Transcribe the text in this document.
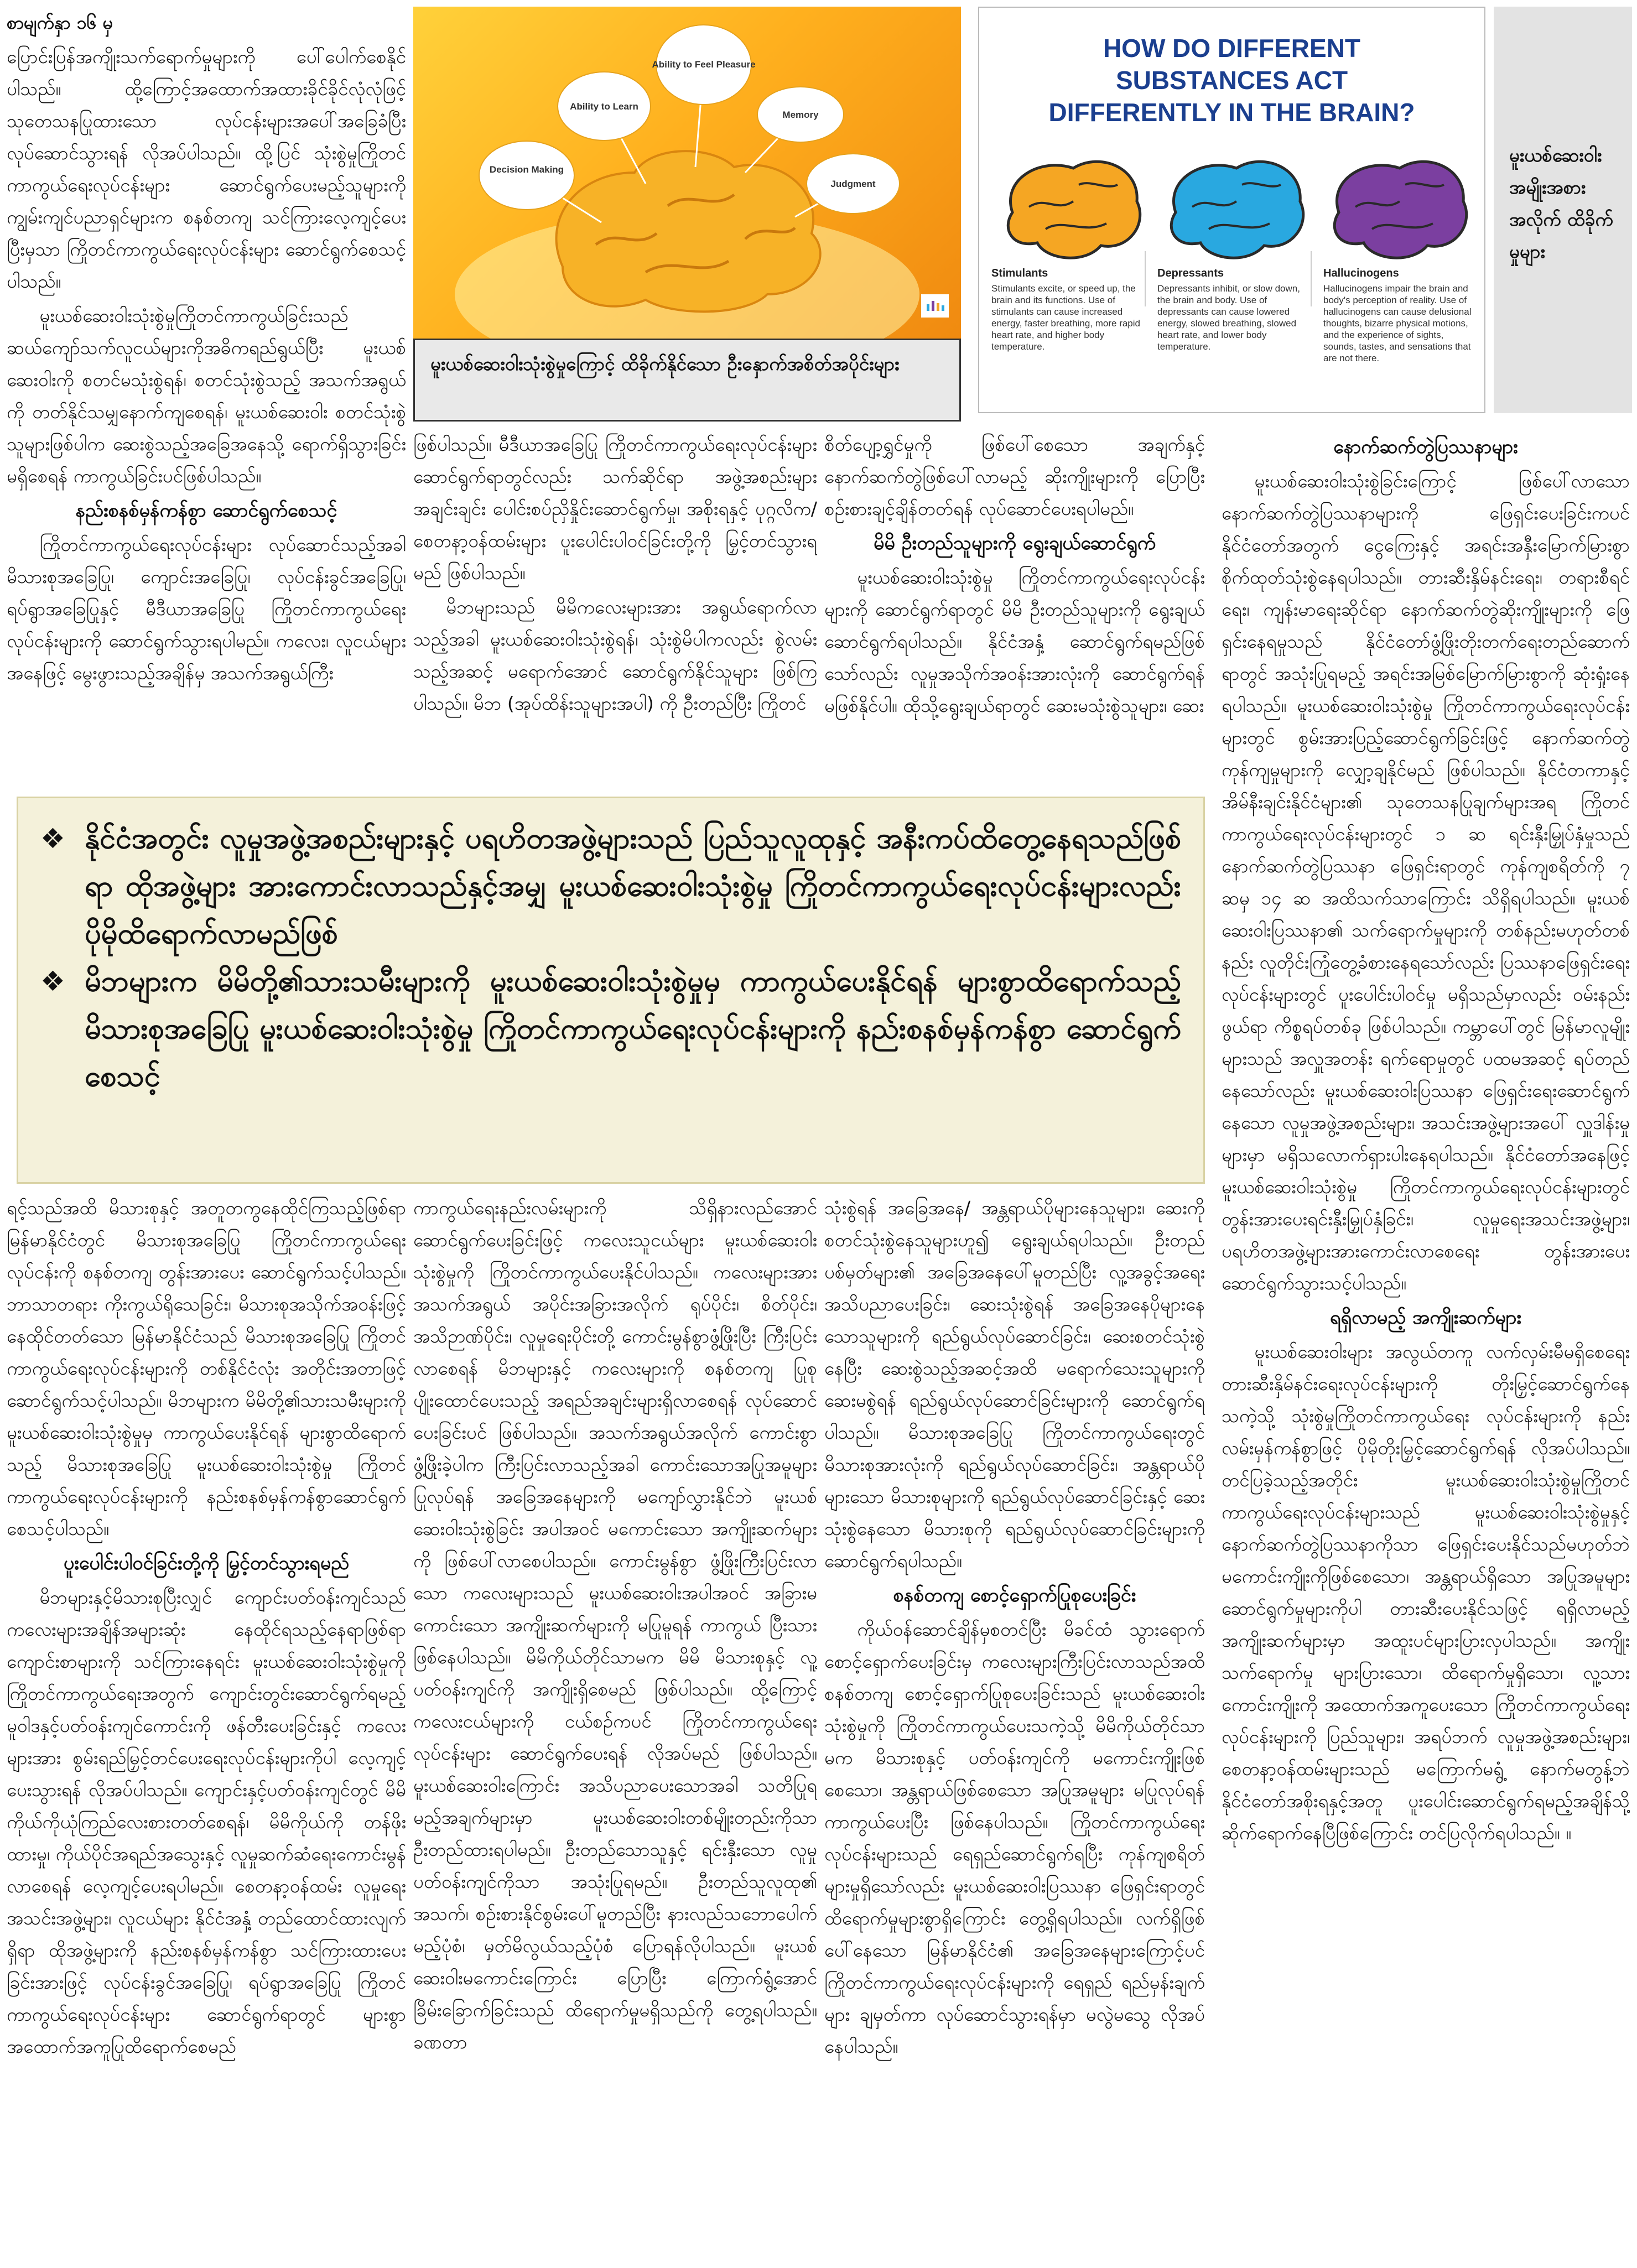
စာမျက်နှာ ၁၆ မှ

ပြောင်းပြန်အကျိုးသက်ရောက်မှုများကို ပေါ်ပေါက်စေနိုင်ပါသည်။ ထို့ကြောင့်အထောက်အထားခိုင်ခိုင်လုံလုံဖြင့် သုတေသနပြုထားသော လုပ်ငန်းများအပေါ်အခြေခံပြီး လုပ်ဆောင်သွားရန် လိုအပ်ပါသည်။ ထို့ပြင် သုံးစွဲမှုကြိုတင်ကာကွယ်ရေးလုပ်ငန်းများ ဆောင်ရွက်ပေးမည့်သူများကိုကျွမ်းကျင်ပညာရှင်များက စနစ်တကျ သင်ကြားလေ့ကျင့်ပေးပြီးမှသာ ကြိုတင်ကာကွယ်ရေးလုပ်ငန်းများ ဆောင်ရွက်စေသင့်ပါသည်။

မူးယစ်ဆေးဝါးသုံးစွဲမှုကြိုတင်ကာကွယ်ခြင်းသည် ဆယ်ကျော်သက်လူငယ်များကိုအဓိကရည်ရွယ်ပြီး မူးယစ်ဆေးဝါးကို စတင်မသုံးစွဲရန်၊ စတင်သုံးစွဲသည့် အသက်အရွယ်ကို တတ်နိုင်သမျှနောက်ကျစေရန်၊ မူးယစ်ဆေးဝါး စတင်သုံးစွဲသူများဖြစ်ပါက ဆေးစွဲသည့်အခြေအနေသို့ ရောက်ရှိသွားခြင်း မရှိစေရန် ကာကွယ်ခြင်းပင်ဖြစ်ပါသည်။

နည်းစနစ်မှန်ကန်စွာ ဆောင်ရွက်စေသင့်

ကြိုတင်ကာကွယ်ရေးလုပ်ငန်းများ လုပ်ဆောင်သည့်အခါ မိသားစုအခြေပြု၊ ကျောင်းအခြေပြု၊ လုပ်ငန်းခွင်အခြေပြု၊ ရပ်ရွာအခြေပြုနှင့် မီဒီယာအခြေပြု ကြိုတင်ကာကွယ်ရေးလုပ်ငန်းများကို ဆောင်ရွက်သွားရပါမည်။ ကလေး၊ လူငယ်များအနေဖြင့် မွေးဖွားသည့်အချိန်မှ အသက်အရွယ်ကြီး

Decision Making
Ability to Learn
Ability to Feel Pleasure
Memory
Judgment
မူးယစ်ဆေးဝါးသုံးစွဲမှုကြောင့် ထိခိုက်နိုင်သော ဦးနှောက်အစိတ်အပိုင်းများ
HOW DO DIFFERENT SUBSTANCES ACT DIFFERENTLY IN THE BRAIN?
Stimulants
Stimulants excite, or speed up, the brain and its functions. Use of stimulants can cause increased energy, faster breathing, more rapid heart rate, and higher body temperature.
Depressants
Depressants inhibit, or slow down, the brain and body. Use of depressants can cause lowered energy, slowed breathing, slowed heart rate, and lower body temperature.
Hallucinogens
Hallucinogens impair the brain and body's perception of reality. Use of hallucinogens can cause delusional thoughts, bizarre physical motions, and the experience of sights, sounds, tastes, and sensations that are not there.
မူးယစ်ဆေးဝါးအမျိုးအစားအလိုက် ထိခိုက်မှုများ

ဖြစ်ပါသည်။ မီဒီယာအခြေပြု ကြိုတင်ကာကွယ်ရေးလုပ်ငန်းများ ဆောင်ရွက်ရာတွင်လည်း သက်ဆိုင်ရာ အဖွဲ့အစည်းများ အချင်းချင်း ပေါင်းစပ်ညှိနှိုင်းဆောင်ရွက်မှု၊ အစိုးရနှင့် ပုဂ္ဂလိက/ စေတနာ့ဝန်ထမ်းများ ပူးပေါင်းပါဝင်ခြင်းတို့ကို မြှင့်တင်သွားရမည် ဖြစ်ပါသည်။

မိဘများသည် မိမိကလေးများအား အရွယ်ရောက်လာသည့်အခါ မူးယစ်ဆေးဝါးသုံးစွဲရန်၊ သုံးစွဲမိပါကလည်း စွဲလမ်းသည့်အဆင့် မရောက်အောင် ဆောင်ရွက်နိုင်သူများ ဖြစ်ကြပါသည်။ မိဘ (အုပ်ထိန်းသူများအပါ) ကို ဦးတည်ပြီး ကြိုတင်

စိတ်ပျော့ရွှင်မှုကို ဖြစ်ပေါ်စေသော အချက်နှင့် နောက်ဆက်တွဲဖြစ်ပေါ်လာမည့် ဆိုးကျိုးများကို ပြောပြီး စဉ်းစားချင့်ချိန်တတ်ရန် လုပ်ဆောင်ပေးရပါမည်။

မိမိ ဦးတည်သူများကို ရွေးချယ်ဆောင်ရွက်

မူးယစ်ဆေးဝါးသုံးစွဲမှု ကြိုတင်ကာကွယ်ရေးလုပ်ငန်းများကို ဆောင်ရွက်ရာတွင် မိမိ ဦးတည်သူများကို ရွေးချယ်ဆောင်ရွက်ရပါသည်။ နိုင်ငံအနှံ့ ဆောင်ရွက်ရမည်ဖြစ်သော်လည်း လူမှုအသိုက်အဝန်းအားလုံးကို ဆောင်ရွက်ရန် မဖြစ်နိုင်ပါ။ ထိုသို့ရွေးချယ်ရာတွင် ဆေးမသုံးစွဲသူများ၊ ဆေး

နောက်ဆက်တွဲပြဿနာများ

မူးယစ်ဆေးဝါးသုံးစွဲခြင်းကြောင့် ဖြစ်ပေါ်လာသော နောက်ဆက်တွဲပြဿနာများကို ဖြေရှင်းပေးခြင်းကပင် နိုင်ငံတော်အတွက် ငွေကြေးနှင့် အရင်းအနှီးမြောက်မြားစွာ စိုက်ထုတ်သုံးစွဲနေရပါသည်။ တားဆီးနှိမ်နင်းရေး၊ တရားစီရင်ရေး၊ ကျန်းမာရေးဆိုင်ရာ နောက်ဆက်တွဲဆိုးကျိုးများကို ဖြေရှင်းနေရမှုသည် နိုင်ငံတော်ဖွံ့ဖြိုးတိုးတက်ရေးတည်ဆောက်ရာတွင် အသုံးပြုရမည့် အရင်းအမြစ်မြောက်မြားစွာကို ဆုံးရှုံးနေရပါသည်။ မူးယစ်ဆေးဝါးသုံးစွဲမှု ကြိုတင်ကာကွယ်ရေးလုပ်ငန်းများတွင် စွမ်းအားပြည့်ဆောင်ရွက်ခြင်းဖြင့် နောက်ဆက်တွဲကုန်ကျမှုများကို လျှော့ချနိုင်မည် ဖြစ်ပါသည်။ နိုင်ငံတကာနှင့် အိမ်နီးချင်းနိုင်ငံများ၏ သုတေသနပြုချက်များအရ ကြိုတင်ကာကွယ်ရေးလုပ်ငန်းများတွင် ၁ ဆ ရင်းနှီးမြှုပ်နှံမှုသည် နောက်ဆက်တွဲပြဿနာ ဖြေရှင်းရာတွင် ကုန်ကျစရိတ်ကို ၇ ဆမှ ၁၄ ဆ အထိသက်သာကြောင်း သိရှိရပါသည်။ မူးယစ်ဆေးဝါးပြဿနာ၏ သက်ရောက်မှုများကို တစ်နည်းမဟုတ်တစ်နည်း လူတိုင်းကြုံတွေ့ခံစားနေရသော်လည်း ပြဿနာဖြေရှင်းရေးလုပ်ငန်းများတွင် ပူးပေါင်းပါဝင်မှု မရှိသည်မှာလည်း ဝမ်းနည်းဖွယ်ရာ ကိစ္စရပ်တစ်ခု ဖြစ်ပါသည်။ ကမ္ဘာပေါ်တွင် မြန်မာလူမျိုးများသည် အလှူအတန်း ရက်ရောမှုတွင် ပထမအဆင့် ရပ်တည်နေသော်လည်း မူးယစ်ဆေးဝါးပြဿနာ ဖြေရှင်းရေးဆောင်ရွက်နေသော လူမှုအဖွဲ့အစည်းများ၊ အသင်းအဖွဲ့များအပေါ် လှူဒါန်းမှုများမှာ မရှိသလောက်ရှားပါးနေရပါသည်။ နိုင်ငံတော်အနေဖြင့် မူးယစ်ဆေးဝါးသုံးစွဲမှု ကြိုတင်ကာကွယ်ရေးလုပ်ငန်းများတွင် တွန်းအားပေးရင်းနှီးမြှုပ်နှံခြင်း၊ လူမှုရေးအသင်းအဖွဲ့များ၊ ပရဟိတအဖွဲ့များအားကောင်းလာစေရေး တွန်းအားပေးဆောင်ရွက်သွားသင့်ပါသည်။

ရရှိလာမည့် အကျိုးဆက်များ

မူးယစ်ဆေးဝါးများ အလွယ်တကူ လက်လှမ်းမီမရှိစေရေး တားဆီးနှိမ်နင်းရေးလုပ်ငန်းများကို တိုးမြှင့်ဆောင်ရွက်နေသကဲ့သို့ သုံးစွဲမှုကြိုတင်ကာကွယ်ရေး လုပ်ငန်းများကို နည်းလမ်းမှန်ကန်စွာဖြင့် ပိုမိုတိုးမြှင့်ဆောင်ရွက်ရန် လိုအပ်ပါသည်။ တင်ပြခဲ့သည့်အတိုင်း မူးယစ်ဆေးဝါးသုံးစွဲမှုကြိုတင်ကာကွယ်ရေးလုပ်ငန်းများသည် မူးယစ်ဆေးဝါးသုံးစွဲမှုနှင့် နောက်ဆက်တွဲပြဿနာကိုသာ ဖြေရှင်းပေးနိုင်သည်မဟုတ်ဘဲ မကောင်းကျိုးကိုဖြစ်စေသော၊ အန္တရာယ်ရှိသော အပြုအမူများ ဆောင်ရွက်မှုများကိုပါ တားဆီးပေးနိုင်သဖြင့် ရရှိလာမည့်အကျိုးဆက်များမှာ အထူးပင်များပြားလှပါသည်။ အကျိုးသက်ရောက်မှု များပြားသော၊ ထိရောက်မှုရှိသော၊ လူ့သားကောင်းကျိုးကို အထောက်အကူပေးသော ကြိုတင်ကာကွယ်ရေးလုပ်ငန်းများကို ပြည်သူများ၊ အရပ်ဘက် လူမှုအဖွဲ့အစည်းများ၊ စေတနာ့ဝန်ထမ်းများသည် မကြောက်မရွံ့ နောက်မတွန့်ဘဲ နိုင်ငံတော်အစိုးရနှင့်အတူ ပူးပေါင်းဆောင်ရွက်ရမည့်အချိန်သို့ ဆိုက်ရောက်နေပြီဖြစ်ကြောင်း တင်ပြလိုက်ရပါသည်။ ။

❖ နိုင်ငံအတွင်း လူမှုအဖွဲ့အစည်းများနှင့် ပရဟိတအဖွဲ့များသည် ပြည်သူလူထုနှင့် အနီးကပ်ထိတွေ့နေရသည်ဖြစ်ရာ ထိုအဖွဲ့များ အားကောင်းလာသည်နှင့်အမျှ မူးယစ်ဆေးဝါးသုံးစွဲမှု ကြိုတင်ကာကွယ်ရေးလုပ်ငန်းများလည်း ပိုမိုထိရောက်လာမည်ဖြစ်
❖ မိဘများက မိမိတို့၏သားသမီးများကို မူးယစ်ဆေးဝါးသုံးစွဲမှုမှ ကာကွယ်ပေးနိုင်ရန် များစွာထိရောက်သည့် မိသားစုအခြေပြု မူးယစ်ဆေးဝါးသုံးစွဲမှု ကြိုတင်ကာကွယ်ရေးလုပ်ငန်းများကို နည်းစနစ်မှန်ကန်စွာ ဆောင်ရွက်စေသင့်

ရင့်သည်အထိ မိသားစုနှင့် အတူတကွနေထိုင်ကြသည့်ဖြစ်ရာ မြန်မာနိုင်ငံတွင် မိသားစုအခြေပြု ကြိုတင်ကာကွယ်ရေးလုပ်ငန်းကို စနစ်တကျ တွန်းအားပေး ဆောင်ရွက်သင့်ပါသည်။ ဘာသာတရား ကိုးကွယ်ရိုသေခြင်း၊ မိသားစုအသိုက်အဝန်းဖြင့် နေထိုင်တတ်သော မြန်မာနိုင်ငံသည် မိသားစုအခြေပြု ကြိုတင်ကာကွယ်ရေးလုပ်ငန်းများကို တစ်နိုင်ငံလုံး အတိုင်းအတာဖြင့် ဆောင်ရွက်သင့်ပါသည်။ မိဘများက မိမိတို့၏သားသမီးများကို မူးယစ်ဆေးဝါးသုံးစွဲမှုမှ ကာကွယ်ပေးနိုင်ရန် များစွာထိရောက်သည့် မိသားစုအခြေပြု မူးယစ်ဆေးဝါးသုံးစွဲမှု ကြိုတင်ကာကွယ်ရေးလုပ်ငန်းများကို နည်းစနစ်မှန်ကန်စွာဆောင်ရွက်စေသင့်ပါသည်။

ပူးပေါင်းပါဝင်ခြင်းတို့ကို မြှင့်တင်သွားရမည်

မိဘများနှင့်မိသားစုပြီးလျှင် ကျောင်းပတ်ဝန်းကျင်သည် ကလေးများအချိန်အများဆုံး နေထိုင်ရသည့်နေရာဖြစ်ရာ ကျောင်းစာများကို သင်ကြားနေရင်း မူးယစ်ဆေးဝါးသုံးစွဲမှုကို ကြိုတင်ကာကွယ်ရေးအတွက် ကျောင်းတွင်းဆောင်ရွက်ရမည့် မူဝါဒနှင့်ပတ်ဝန်းကျင်ကောင်းကို ဖန်တီးပေးခြင်းနှင့် ကလေးများအား စွမ်းရည်မြှင့်တင်ပေးရေးလုပ်ငန်းများကိုပါ လေ့ကျင့်ပေးသွားရန် လိုအပ်ပါသည်။ ကျောင်းနှင့်ပတ်ဝန်းကျင်တွင် မိမိကိုယ်ကိုယုံကြည်လေးစားတတ်စေရန်၊ မိမိကိုယ်ကို တန်ဖိုးထားမှု၊ ကိုယ်ပိုင်အရည်အသွေးနှင့် လူမှုဆက်ဆံရေးကောင်းမွန်လာစေရန် လေ့ကျင့်ပေးရပါမည်။ စေတနာ့ဝန်ထမ်း လူမှုရေးအသင်းအဖွဲ့များ၊ လူငယ်များ နိုင်ငံအနှံ့ တည်ထောင်ထားလျက်ရှိရာ ထိုအဖွဲ့များကို နည်းစနစ်မှန်ကန်စွာ သင်ကြားထားပေးခြင်းအားဖြင့် လုပ်ငန်းခွင်အခြေပြု၊ ရပ်ရွာအခြေပြု ကြိုတင်ကာကွယ်ရေးလုပ်ငန်းများ ဆောင်ရွက်ရာတွင် များစွာအထောက်အကူပြုထိရောက်စေမည်

ကာကွယ်ရေးနည်းလမ်းများကို သိရှိနားလည်အောင် ဆောင်ရွက်ပေးခြင်းဖြင့် ကလေးသူငယ်များ မူးယစ်ဆေးဝါးသုံးစွဲမှုကို ကြိုတင်ကာကွယ်ပေးနိုင်ပါသည်။ ကလေးများအား အသက်အရွယ် အပိုင်းအခြားအလိုက် ရုပ်ပိုင်း၊ စိတ်ပိုင်း၊ အသိဉာဏ်ပိုင်း၊ လူမှုရေးပိုင်းတို့ ကောင်းမွန်စွာဖွံ့ဖြိုးပြီး ကြီးပြင်းလာစေရန် မိဘများနှင့် ကလေးများကို စနစ်တကျ ပြုစုပျိုးထောင်ပေးသည့် အရည်အချင်းများရှိလာစေရန် လုပ်ဆောင်ပေးခြင်းပင် ဖြစ်ပါသည်။ အသက်အရွယ်အလိုက် ကောင်းစွာဖွံ့ဖြိုးခဲ့ပါက ကြီးပြင်းလာသည့်အခါ ကောင်းသောအပြုအမူများ ပြုလုပ်ရန် အခြေအနေများကို မကျော်လွှားနိုင်ဘဲ မူးယစ်ဆေးဝါးသုံးစွဲခြင်း အပါအဝင် မကောင်းသော အကျိုးဆက်များကို ဖြစ်ပေါ်လာစေပါသည်။ ကောင်းမွန်စွာ ဖွံ့ဖြိုးကြီးပြင်းလာသော ကလေးများသည် မူးယစ်ဆေးဝါးအပါအဝင် အခြားမကောင်းသော အကျိုးဆက်များကို မပြုမူရန် ကာကွယ် ပြီးသားဖြစ်နေပါသည်။ မိမိကိုယ်တိုင်သာမက မိမိ မိသားစုနှင့် လူ့ပတ်ဝန်းကျင်ကို အကျိုးရှိစေမည် ဖြစ်ပါသည်။ ထို့ကြောင့် ကလေးငယ်များကို ငယ်စဉ်ကပင် ကြိုတင်ကာကွယ်ရေး လုပ်ငန်းများ ဆောင်ရွက်ပေးရန် လိုအပ်မည် ဖြစ်ပါသည်။ မူးယစ်ဆေးဝါးကြောင်း အသိပညာပေးသောအခါ သတိပြုရမည့်အချက်များမှာ မူးယစ်ဆေးဝါးတစ်မျိုးတည်းကိုသာ ဦးတည်ထားရပါမည်။ ဦးတည်သောသူနှင့် ရင်းနှီးသော လူမှုပတ်ဝန်းကျင်ကိုသာ အသုံးပြုရမည်။ ဦးတည်သူလူထု၏ အသက်၊ စဉ်းစားနိုင်စွမ်းပေါ်မူတည်ပြီး နားလည်သဘောပေါက်မည့်ပုံစံ၊ မှတ်မိလွယ်သည့်ပုံစံ ပြောရန်လိုပါသည်။ မူးယစ်ဆေးဝါးမကောင်းကြောင်း ပြောပြီး ကြောက်ရွံ့အောင် ခြိမ်းခြောက်ခြင်းသည် ထိရောက်မှုမရှိသည်ကို တွေ့ရပါသည်။ ခဏတာ

သုံးစွဲရန် အခြေအနေ/ အန္တရာယ်ပိုများနေသူများ၊ ဆေးကို စတင်သုံးစွဲနေသူများဟူ၍ ရွေးချယ်ရပါသည်။ ဦးတည်ပစ်မှတ်များ၏ အခြေအနေပေါ်မူတည်ပြီး လူ့အခွင့်အရေးအသိပညာပေးခြင်း၊ ဆေးသုံးစွဲရန် အခြေအနေပိုများနေသောသူများကို ရည်ရွယ်လုပ်ဆောင်ခြင်း၊ ဆေးစတင်သုံးစွဲနေပြီး ဆေးစွဲသည့်အဆင့်အထိ မရောက်သေးသူများကို ဆေးမစွဲရန် ရည်ရွယ်လုပ်ဆောင်ခြင်းများကို ဆောင်ရွက်ရပါသည်။ မိသားစုအခြေပြု ကြိုတင်ကာကွယ်ရေးတွင် မိသားစုအားလုံးကို ရည်ရွယ်လုပ်ဆောင်ခြင်း၊ အန္တရာယ်ပိုများသော မိသားစုများကို ရည်ရွယ်လုပ်ဆောင်ခြင်းနှင့် ဆေးသုံးစွဲနေသော မိသားစုကို ရည်ရွယ်လုပ်ဆောင်ခြင်းများကို ဆောင်ရွက်ရပါသည်။

စနစ်တကျ စောင့်ရှောက်ပြုစုပေးခြင်း

ကိုယ်ဝန်ဆောင်ချိန်မှစတင်ပြီး မိခင်ထံ သွားရောက် စောင့်ရှောက်ပေးခြင်းမှ ကလေးများကြီးပြင်းလာသည်အထိ စနစ်တကျ စောင့်ရှောက်ပြုစုပေးခြင်းသည် မူးယစ်ဆေးဝါးသုံးစွဲမှုကို ကြိုတင်ကာကွယ်ပေးသကဲ့သို့ မိမိကိုယ်တိုင်သာမက မိသားစုနှင့် ပတ်ဝန်းကျင်ကို မကောင်းကျိုးဖြစ်စေသော၊ အန္တရာယ်ဖြစ်စေသော အပြုအမူများ မပြုလုပ်ရန် ကာကွယ်ပေးပြီး ဖြစ်နေပါသည်။ ကြိုတင်ကာကွယ်ရေးလုပ်ငန်းများသည် ရေရှည်ဆောင်ရွက်ရပြီး ကုန်ကျစရိတ်များမှုရှိသော်လည်း မူးယစ်ဆေးဝါးပြဿနာ ဖြေရှင်းရာတွင် ထိရောက်မှုများစွာရှိကြောင်း တွေ့ရှိရပါသည်။ လက်ရှိဖြစ်ပေါ်နေသော မြန်မာနိုင်ငံ၏ အခြေအနေများကြောင့်ပင် ကြိုတင်ကာကွယ်ရေးလုပ်ငန်းများကို ရေရှည် ရည်မှန်းချက်များ ချမှတ်ကာ လုပ်ဆောင်သွားရန်မှာ မလွဲမသွေ လိုအပ်နေပါသည်။
